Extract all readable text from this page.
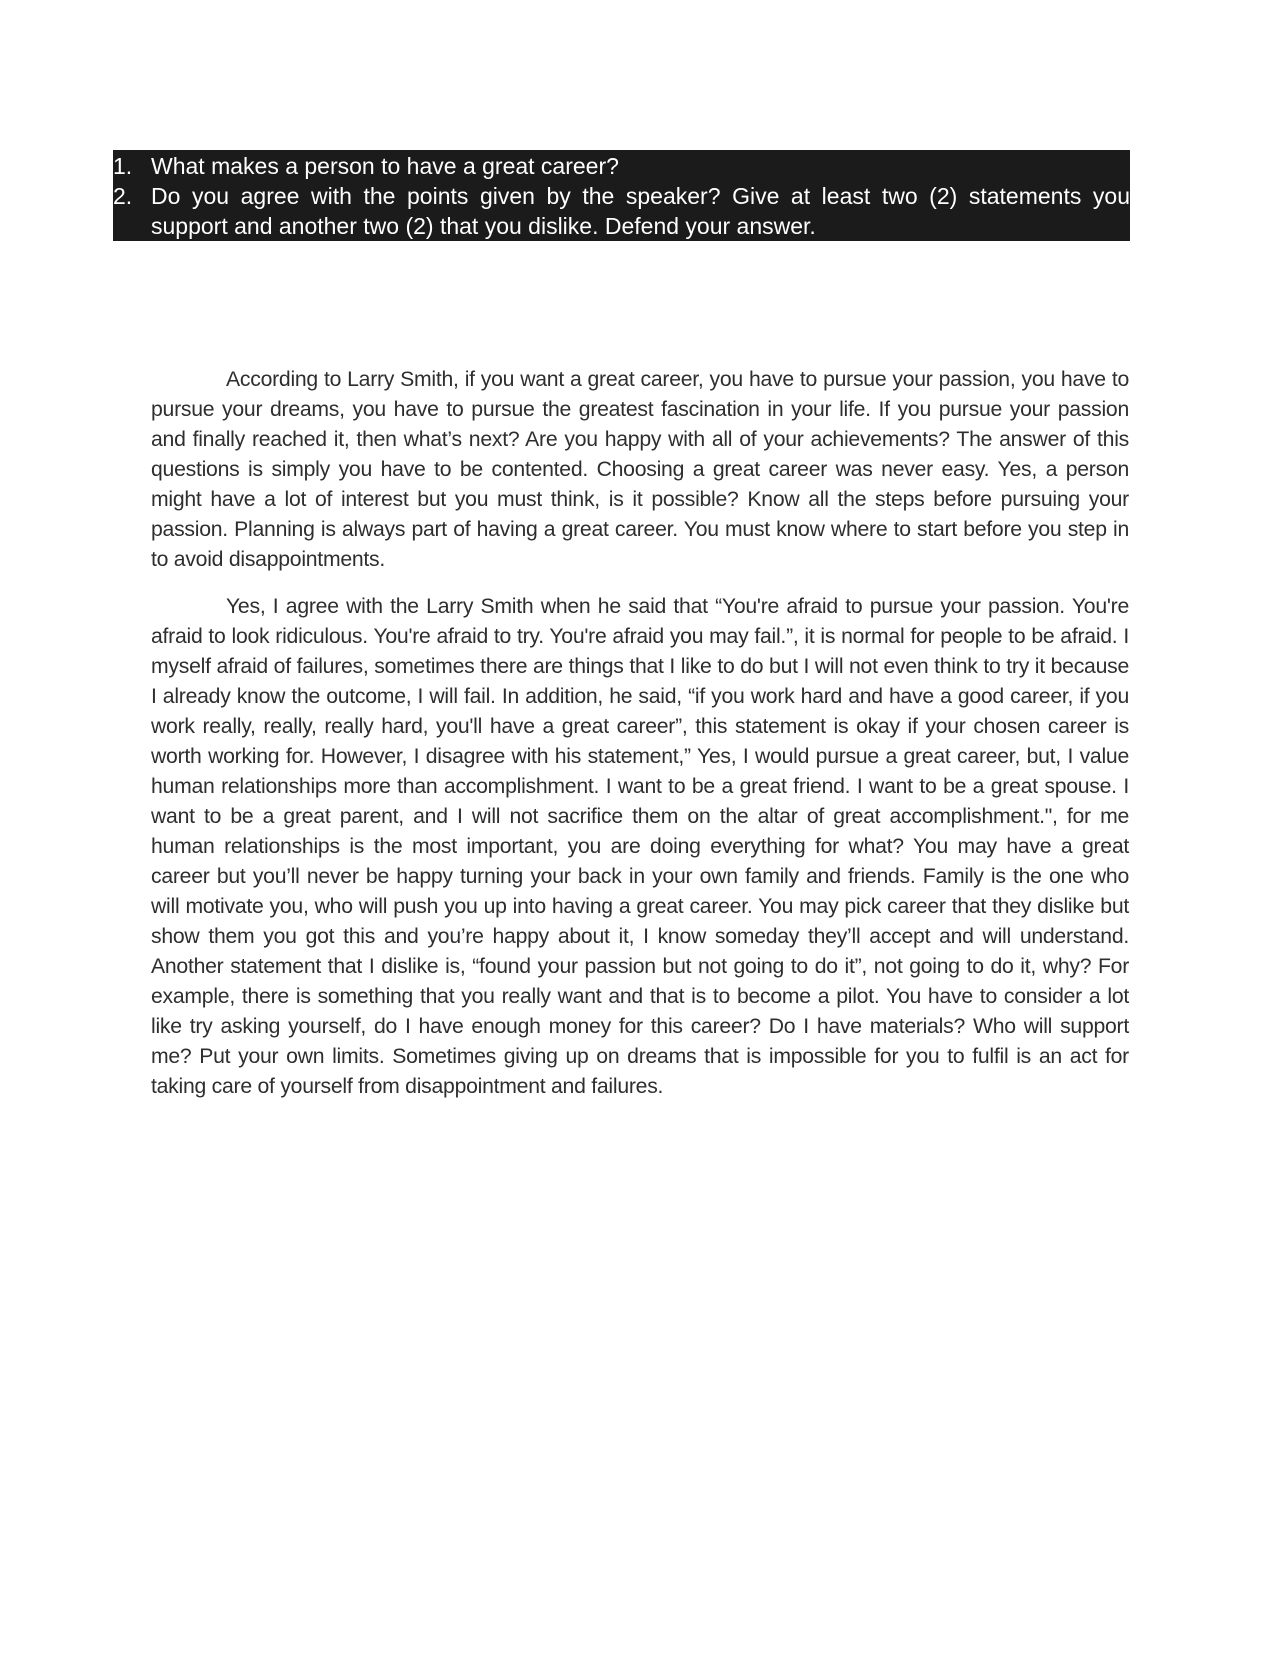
1. What makes a person to have a great career?
2. Do you agree with the points given by the speaker? Give at least two (2) statements you support and another two (2) that you dislike. Defend your answer.

According to Larry Smith, if you want a great career, you have to pursue your passion, you have to pursue your dreams, you have to pursue the greatest fascination in your life. If you pursue your passion and finally reached it, then what’s next? Are you happy with all of your achievements? The answer of this questions is simply you have to be contented. Choosing a great career was never easy. Yes, a person might have a lot of interest but you must think, is it possible? Know all the steps before pursuing your passion. Planning is always part of having a great career. You must know where to start before you step in to avoid disappointments.

Yes, I agree with the Larry Smith when he said that “You're afraid to pursue your passion. You're afraid to look ridiculous. You're afraid to try. You're afraid you may fail.”, it is normal for people to be afraid. I myself afraid of failures, sometimes there are things that I like to do but I will not even think to try it because I already know the outcome, I will fail. In addition, he said, “if you work hard and have a good career, if you work really, really, really hard, you'll have a great career”, this statement is okay if your chosen career is worth working for. However, I disagree with his statement,” Yes, I would pursue a great career, but, I value human relationships more than accomplishment. I want to be a great friend. I want to be a great spouse. I want to be a great parent, and I will not sacrifice them on the altar of great accomplishment.", for me human relationships is the most important, you are doing everything for what? You may have a great career but you’ll never be happy turning your back in your own family and friends. Family is the one who will motivate you, who will push you up into having a great career. You may pick career that they dislike but show them you got this and you’re happy about it, I know someday they’ll accept and will understand. Another statement that I dislike is, “found your passion but not going to do it”, not going to do it, why? For example, there is something that you really want and that is to become a pilot. You have to consider a lot like try asking yourself, do I have enough money for this career? Do I have materials? Who will support me? Put your own limits. Sometimes giving up on dreams that is impossible for you to fulfil is an act for taking care of yourself from disappointment and failures.
